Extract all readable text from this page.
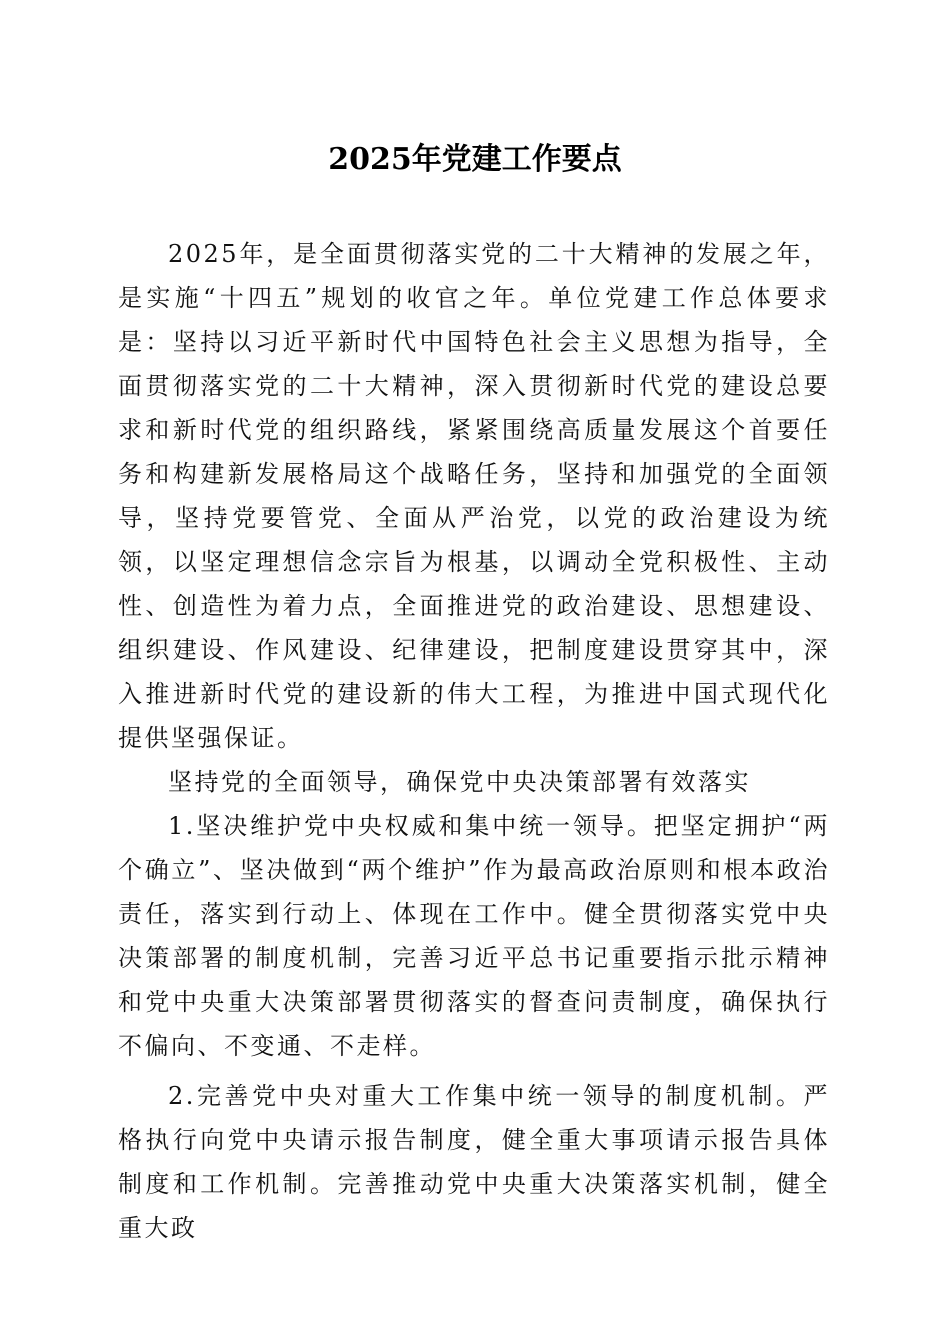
2025年党建工作要点

2025年，是全面贯彻落实党的二十大精神的发展之年，是实施“十四五”规划的收官之年。单位党建工作总体要求是：坚持以习近平新时代中国特色社会主义思想为指导，全面贯彻落实党的二十大精神，深入贯彻新时代党的建设总要求和新时代党的组织路线，紧紧围绕高质量发展这个首要任务和构建新发展格局这个战略任务，坚持和加强党的全面领导，坚持党要管党、全面从严治党，以党的政治建设为统领，以坚定理想信念宗旨为根基，以调动全党积极性、主动性、创造性为着力点，全面推进党的政治建设、思想建设、组织建设、作风建设、纪律建设，把制度建设贯穿其中，深入推进新时代党的建设新的伟大工程，为推进中国式现代化提供坚强保证。

坚持党的全面领导，确保党中央决策部署有效落实

1.坚决维护党中央权威和集中统一领导。把坚定拥护“两个确立”、坚决做到“两个维护”作为最高政治原则和根本政治责任，落实到行动上、体现在工作中。健全贯彻落实党中央决策部署的制度机制，完善习近平总书记重要指示批示精神和党中央重大决策部署贯彻落实的督查问责制度，确保执行不偏向、不变通、不走样。

2.完善党中央对重大工作集中统一领导的制度机制。严格执行向党中央请示报告制度，健全重大事项请示报告具体制度和工作机制。完善推动党中央重大决策落实机制，健全重大政
